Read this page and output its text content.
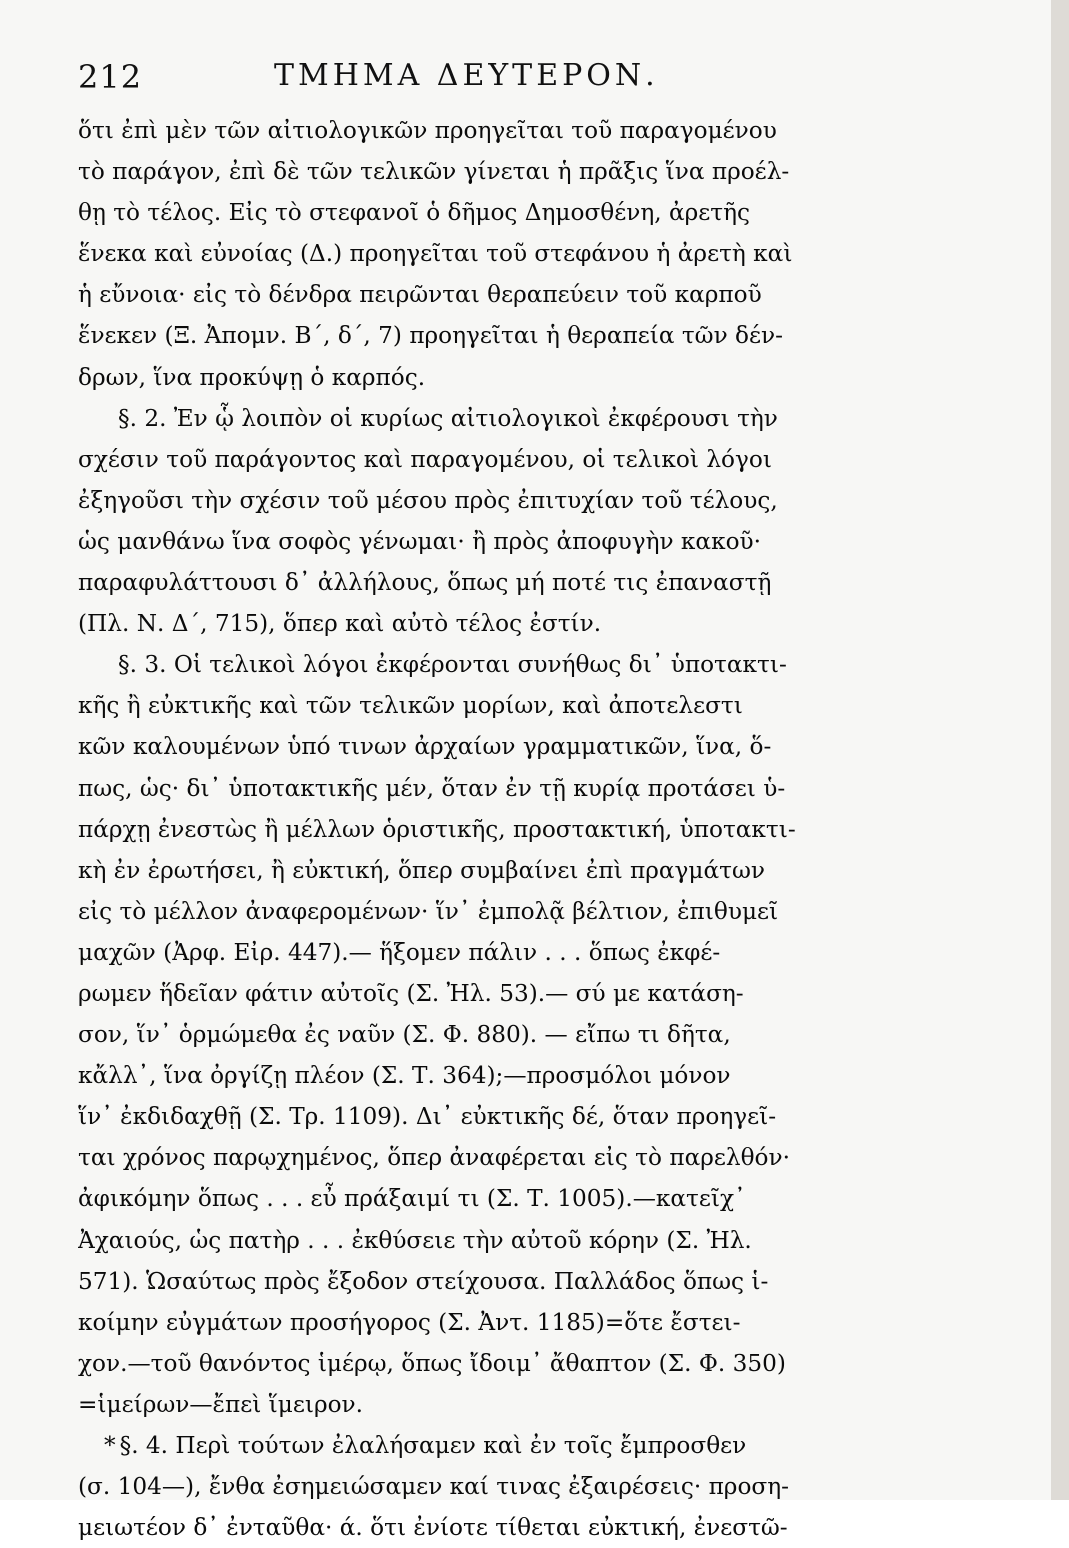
212	ΤΜΗΜΑ ΔΕΥΤΕΡΟΝ.
ὅτι ἐπὶ μὲν τῶν αἰτιολογικῶν προηγεῖται τοῦ παραγομένου
τὸ παράγον, ἐπὶ δὲ τῶν τελικῶν γίνεται ἡ πρᾶξις ἵνα προέλ-
θῃ τὸ τέλος. Εἰς τὸ στεφανοῖ ὁ δῆμος Δημοσθένη, ἀρετῆς
ἕνεκα καὶ εὐνοίας (Δ.) προηγεῖται τοῦ στεφάνου ἡ ἀρετὴ καὶ
ἡ εὔνοια· εἰς τὸ δένδρα πειρῶνται θεραπεύειν τοῦ καρποῦ
ἕνεκεν (Ξ. Ἀπομν. Β΄, δ΄, 7) προηγεῖται ἡ θεραπεία τῶν δέν-
δρων, ἵνα προκύψῃ ὁ καρπός.
§. 2. Ἐν ᾧ λοιπὸν οἱ κυρίως αἰτιολογικοὶ ἐκφέρουσι τὴν
σχέσιν τοῦ παράγοντος καὶ παραγομένου, οἱ τελικοὶ λόγοι
ἐξηγοῦσι τὴν σχέσιν τοῦ μέσου πρὸς ἐπιτυχίαν τοῦ τέλους,
ὡς μανθάνω ἵνα σοφὸς γένωμαι· ἢ πρὸς ἀποφυγὴν κακοῦ·
παραφυλάττουσι δ᾽ ἀλλήλους, ὅπως μή ποτέ τις ἐπαναστῇ
(Πλ. Ν. Δ΄, 715), ὅπερ καὶ αὐτὸ τέλος ἐστίν.
§. 3. Οἱ τελικοὶ λόγοι ἐκφέρονται συνήθως δι᾽ ὑποτακτι-
κῆς ἢ εὐκτικῆς καὶ τῶν τελικῶν μορίων, καὶ ἀποτελεστι
κῶν καλουμένων ὑπό τινων ἀρχαίων γραμματικῶν, ἵνα, ὅ-
πως, ὡς· δι᾽ ὑποτακτικῆς μέν, ὅταν ἐν τῇ κυρίᾳ προτάσει ὑ-
πάρχῃ ἐνεστὼς ἢ μέλλων ὁριστικῆς, προστακτική, ὑποτακτι-
κὴ ἐν ἐρωτήσει, ἢ εὐκτική, ὅπερ συμβαίνει ἐπὶ πραγμάτων
εἰς τὸ μέλλον ἀναφερομένων· ἵν᾽ ἐμπολᾷ βέλτιον, ἐπιθυμεῖ
μαχῶν (Ἀρφ. Εἰρ. 447).— ἥξομεν πάλιν . . . ὅπως ἐκφέ-
ρωμεν ἥδεῖαν φάτιν αὐτοῖς (Σ. Ἠλ. 53).— σύ με κατάση-
σον, ἵν᾽ ὁρμώμεθα ἐς ναῦν (Σ. Φ. 880). — εἴπω τι δῆτα,
κἄλλ᾽, ἵνα ὀργίζῃ πλέον (Σ. Τ. 364);—προσμόλοι μόνον
ἵν᾽ ἐκδιδαχθῇ (Σ. Τρ. 1109). Δι᾽ εὐκτικῆς δέ, ὅταν προηγεῖ-
ται χρόνος παρῳχημένος, ὅπερ ἀναφέρεται εἰς τὸ παρελθόν·
ἀφικόμην ὅπως . . . εὖ πράξαιμί τι (Σ. Τ. 1005).—κατεῖχ᾽
Ἀχαιούς, ὡς πατὴρ . . . ἐκθύσειε τὴν αὐτοῦ κόρην (Σ. Ἠλ.
571). Ὡσαύτως πρὸς ἔξοδον στείχουσα. Παλλάδος ὅπως ἱ-
κοίμην εὐγμάτων προσήγορος (Σ. Ἀντ. 1185)=ὅτε ἔστει-
χον.—τοῦ θανόντος ἱμέρῳ, ὅπως ἴδοιμ᾽ ἄθαπτον (Σ. Φ. 350)
=ἱμείρων—ἔπεὶ ἵμειρον.
* §. 4. Περὶ τούτων ἐλαλήσαμεν καὶ ἐν τοῖς ἔμπροσθεν
(σ. 104—), ἔνθα ἐσημειώσαμεν καί τινας ἐξαιρέσεις· προση-
μειωτέον δ᾽ ἐνταῦθα· ά. ὅτι ἐνίοτε τίθεται εὐκτική, ἐνεστῶ-
